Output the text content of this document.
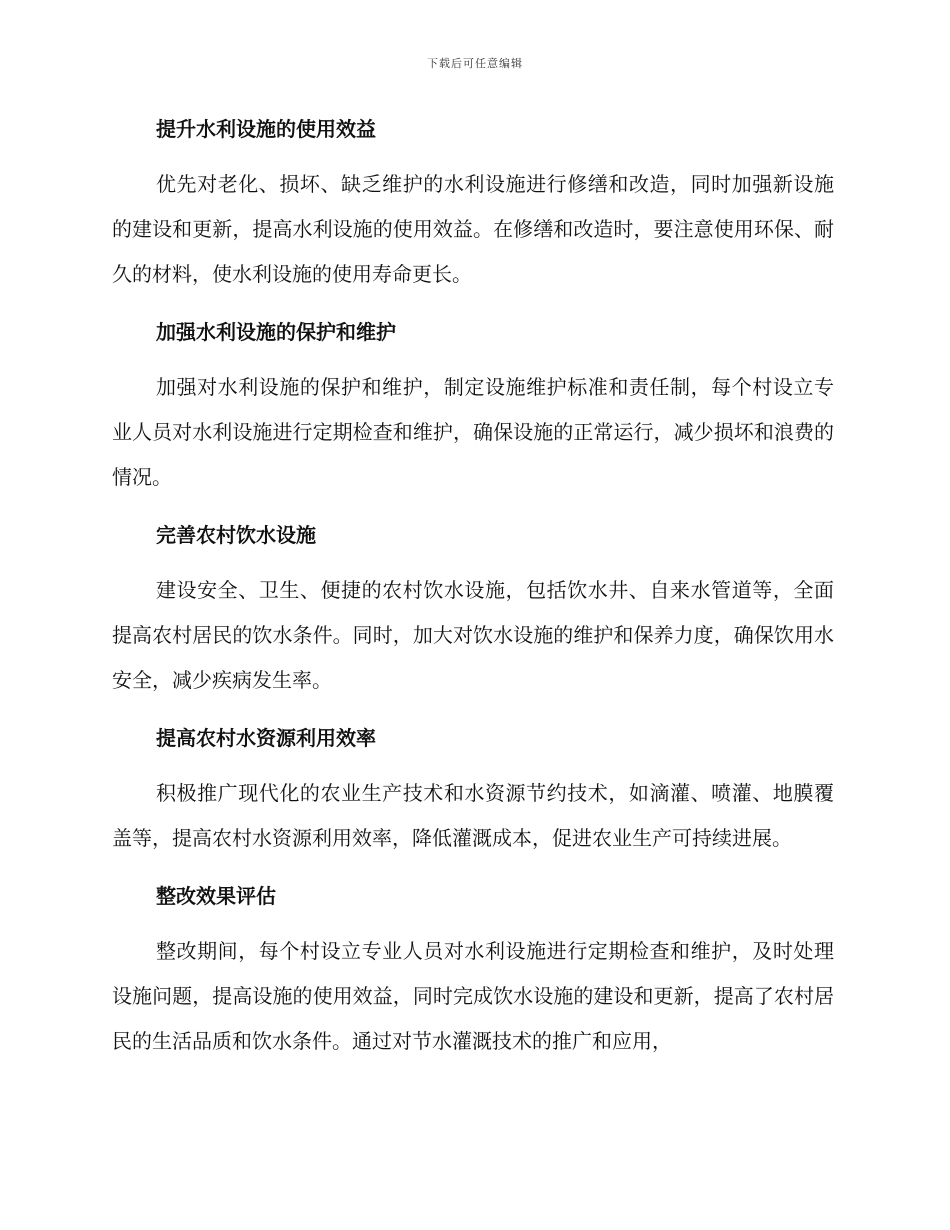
下载后可任意编辑
提升水利设施的使用效益
优先对老化、损坏、缺乏维护的水利设施进行修缮和改造，同时加强新设施的建设和更新，提高水利设施的使用效益。在修缮和改造时，要注意使用环保、耐久的材料，使水利设施的使用寿命更长。
加强水利设施的保护和维护
加强对水利设施的保护和维护，制定设施维护标准和责任制，每个村设立专业人员对水利设施进行定期检查和维护，确保设施的正常运行，减少损坏和浪费的情况。
完善农村饮水设施
建设安全、卫生、便捷的农村饮水设施，包括饮水井、自来水管道等，全面提高农村居民的饮水条件。同时，加大对饮水设施的维护和保养力度，确保饮用水安全，减少疾病发生率。
提高农村水资源利用效率
积极推广现代化的农业生产技术和水资源节约技术，如滴灌、喷灌、地膜覆盖等，提高农村水资源利用效率，降低灌溉成本，促进农业生产可持续进展。
整改效果评估
整改期间，每个村设立专业人员对水利设施进行定期检查和维护，及时处理设施问题，提高设施的使用效益，同时完成饮水设施的建设和更新，提高了农村居民的生活品质和饮水条件。通过对节水灌溉技术的推广和应用，
